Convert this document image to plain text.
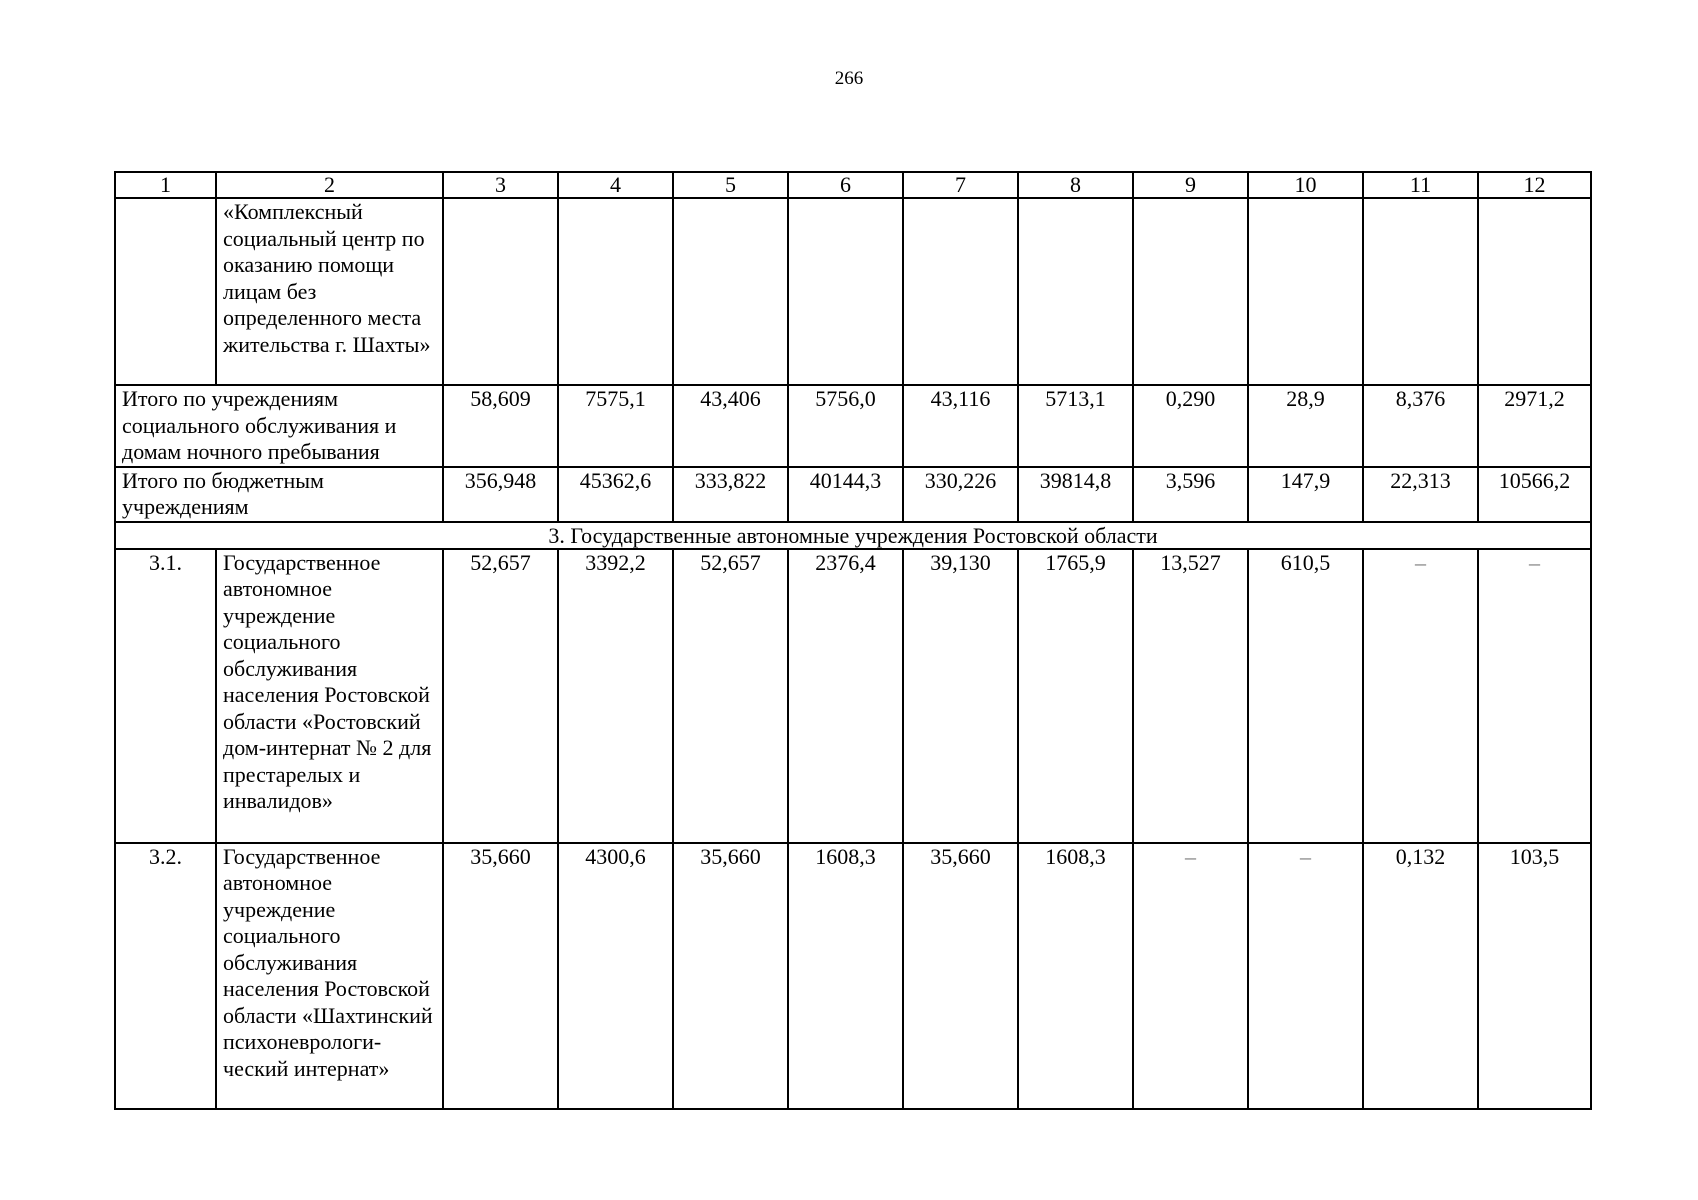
266
1	2	3	4	5	6	7	8	9	10	11	12
	«Комплексный социальный центр по оказанию помощи лицам без определенного места жительства г. Шахты»										
Итого по учреждениям социального обслуживания и домам ночного пребывания		58,609	7575,1	43,406	5756,0	43,116	5713,1	0,290	28,9	8,376	2971,2
Итого по бюджетным учреждениям		356,948	45362,6	333,822	40144,3	330,226	39814,8	3,596	147,9	22,313	10566,2
3. Государственные автономные учреждения Ростовской области											
3.1.	Государственное автономное учреждение социального обслуживания населения Ростовской области «Ростовский дом-интернат № 2 для престарелых и инвалидов»	52,657	3392,2	52,657	2376,4	39,130	1765,9	13,527	610,5	–	–
3.2.	Государственное автономное учреждение социального обслуживания населения Ростовской области «Шахтинский психоневрологи-ческий интернат»	35,660	4300,6	35,660	1608,3	35,660	1608,3	–	–	0,132	103,5
